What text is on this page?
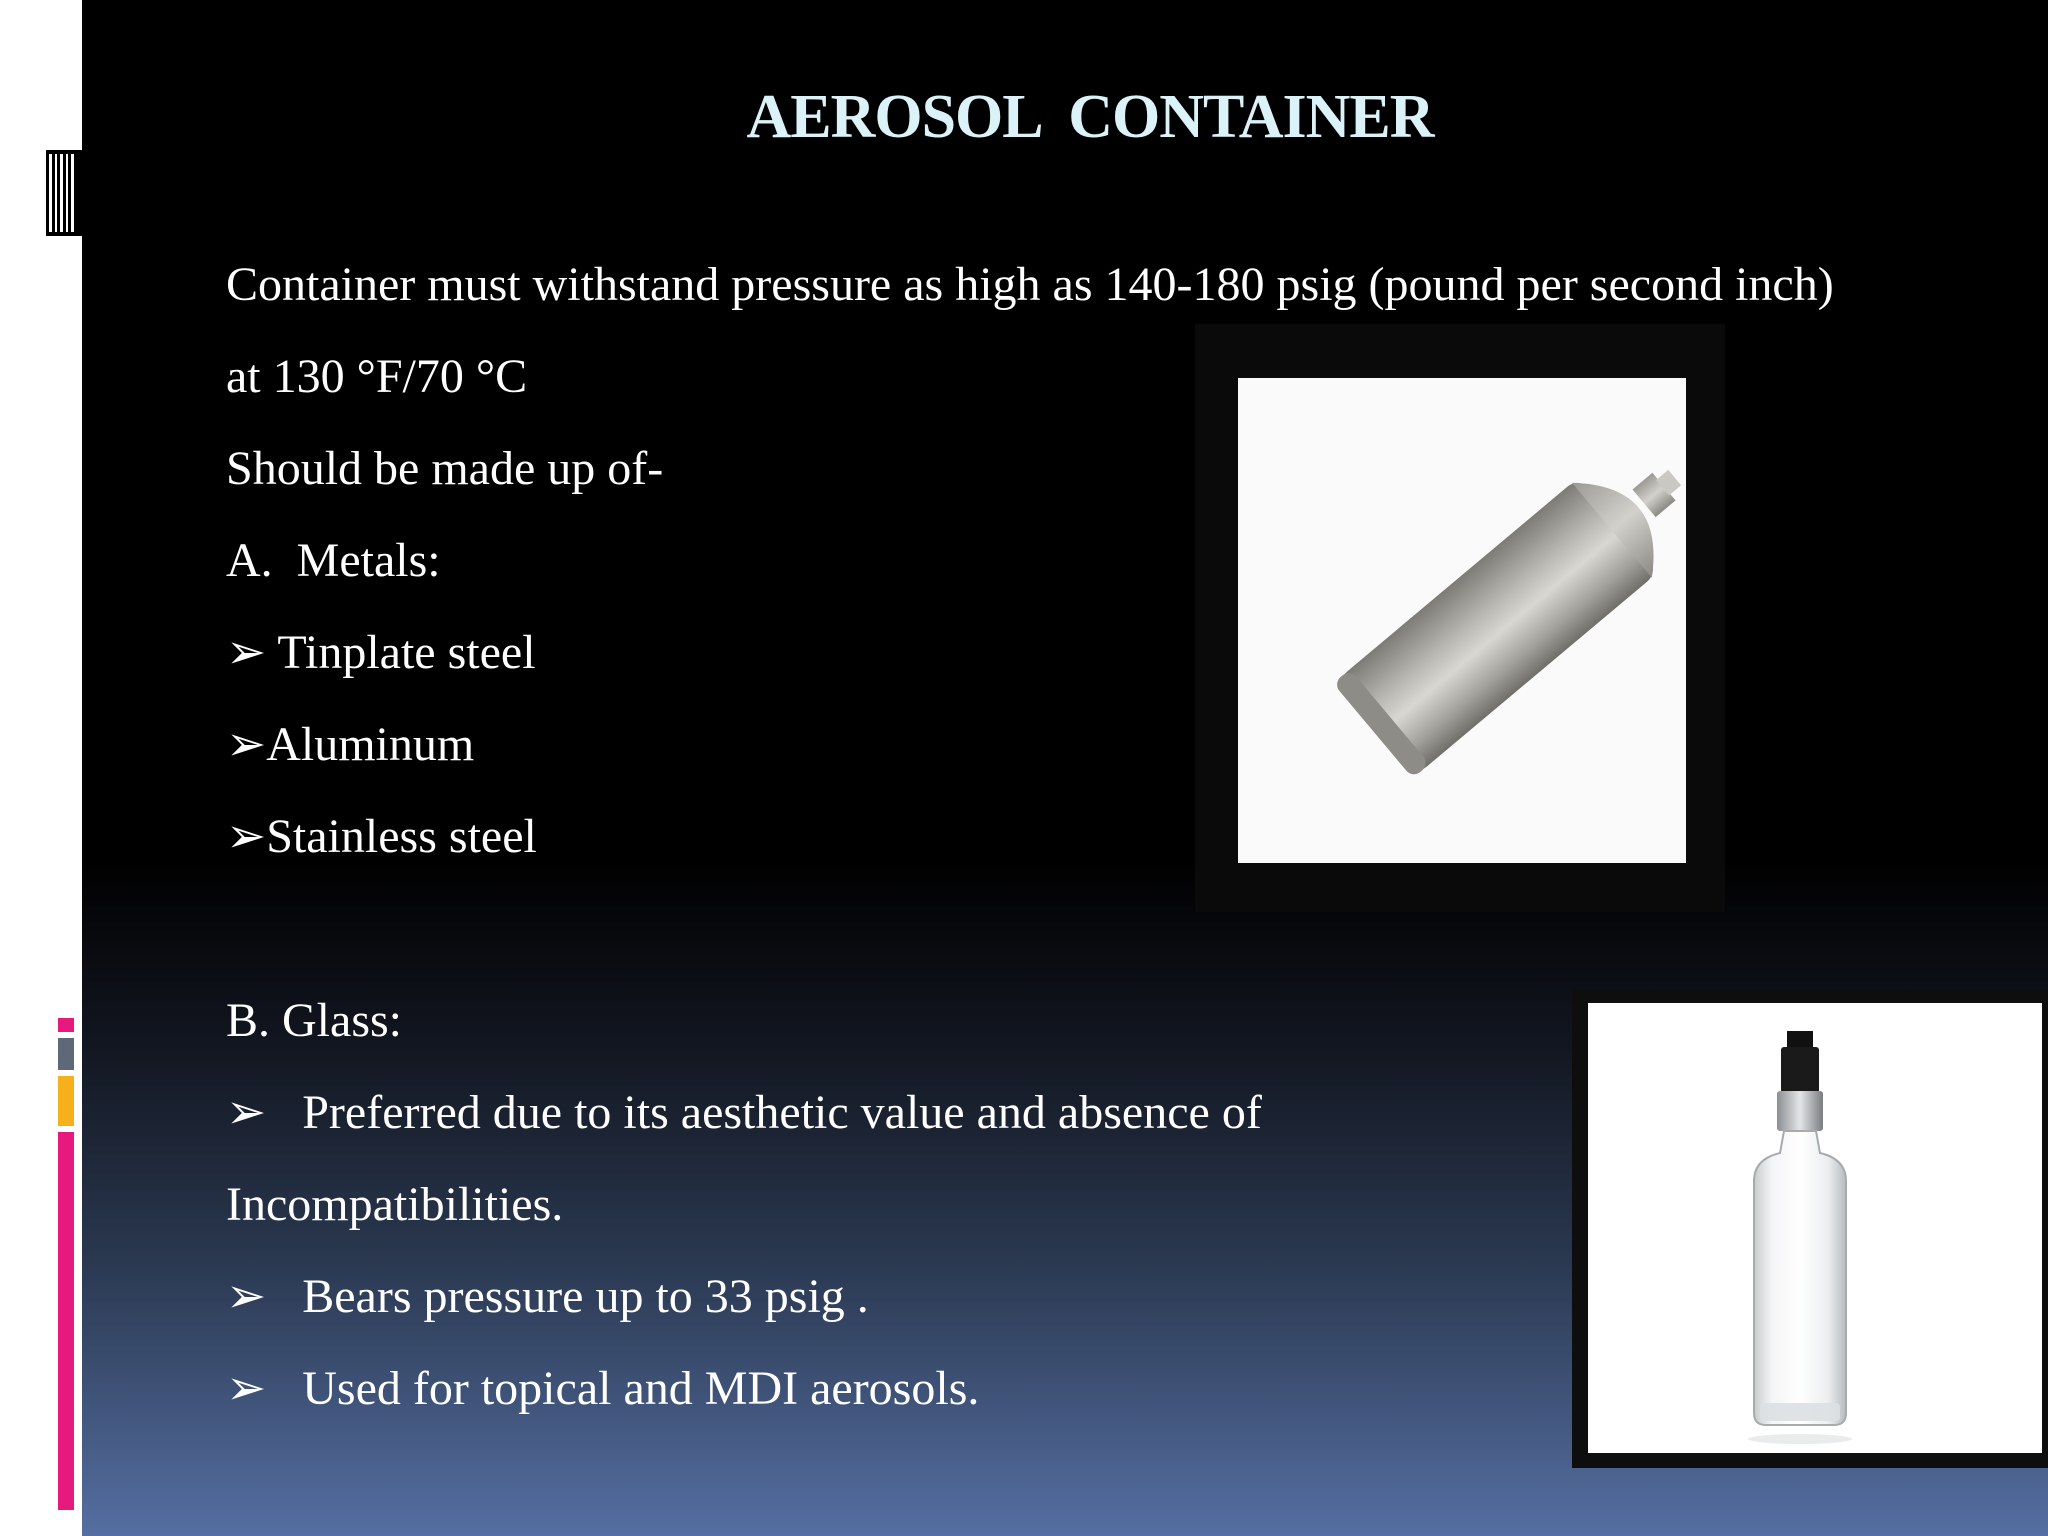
AEROSOL  CONTAINER
Container must withstand pressure as high as 140-180 psig (pound per second inch)
at 130 °F/70 °C
Should be made up of-
A.  Metals:
➢ Tinplate steel
➢Aluminum
➢Stainless steel
B. Glass:
➢   Preferred due to its aesthetic value and absence of
Incompatibilities.
➢   Bears pressure up to 33 psig .
➢   Used for topical and MDI aerosols.
